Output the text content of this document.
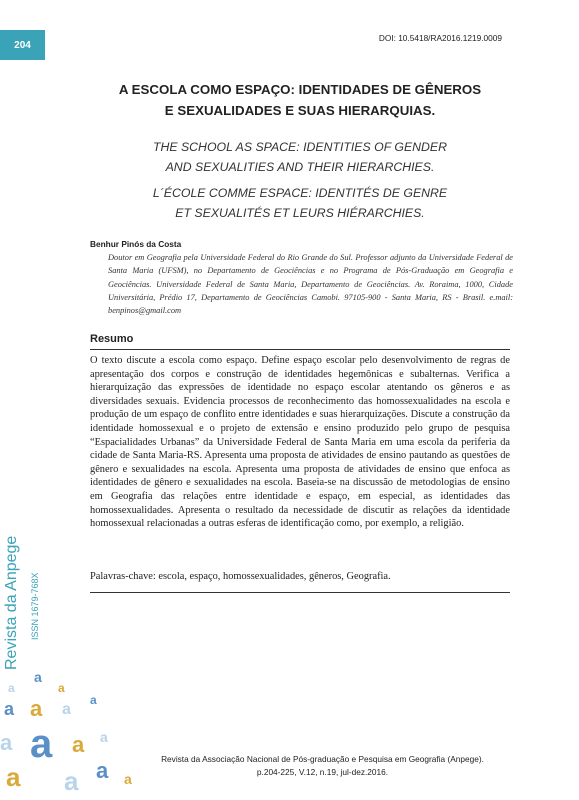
204
Revista da Anpege ISSN 1679-768X
a
a	a
a a a
a
a a a a
a
a a	a
DOI: 10.5418/RA2016.1219.0009
A ESCOLA COMO ESPAÇO: IDENTIDADES DE GÊNEROS
E SEXUALIDADES E SUAS HIERARQUIAS.
THE SCHOOL AS SPACE: IDENTITIES OF GENDER
AND SEXUALITIES AND THEIR HIERARCHIES.
L´ÉCOLE COMME ESPACE: IDENTITÉS DE GENRE
ET SEXUALITÉS ET LEURS HIÉRARCHIES.
Benhur Pinós da Costa
Doutor em Geografia pela Universidade Federal do Rio Grande do Sul. Professor adjunto da Universidade Federal de Santa Maria (UFSM), no Departamento de Geociências e no Programa de Pós-Graduação em Geografia e Geociências. Universidade Federal de Santa Maria, Departamento de Geociências. Av. Roraima, 1000, Cidade Universitária, Prédio 17, Departamento de Geociências Camobi. 97105-900 - Santa Maria, RS - Brasil. e.mail: benpinos@gmail.com
Resumo
O texto discute a escola como espaço. Define espaço escolar pelo desenvolvimento de regras de apresentação dos corpos e construção de identidades hegemônicas e subalternas. Verifica a hierarquização das expressões de identidade no espaço escolar atentando os gêneros e as diversidades sexuais. Evidencia processos de reconhecimento das homossexualidades na escola e produção de um espaço de conflito entre identidades e suas hierarquizações. Discute a construção da identidade homossexual e o projeto de extensão e ensino produzido pelo grupo de pesquisa “Espacialidades Urbanas” da Universidade Federal de Santa Maria em uma escola da periferia da cidade de Santa Maria-RS. Apresenta uma proposta de atividades de ensino pautando as questões de gênero e sexualidades na escola. Apresenta uma proposta de atividades de ensino que enfoca as identidades de gênero e sexualidades na escola. Baseia-se na discussão de metodologias de ensino em Geografia das relações entre identidade e espaço, em especial, as identidades das homossexualidades. Apresenta o resultado da necessidade de discutir as relações da identidade homossexual relacionadas a outras esferas de identificação como, por exemplo, a religião.
Palavras-chave: escola, espaço, homossexualidades, gêneros, Geografia.
Revista da Associação Nacional de Pós-graduação e Pesquisa em Geografia (Anpege).
p.204-225, V.12, n.19, jul-dez.2016.
